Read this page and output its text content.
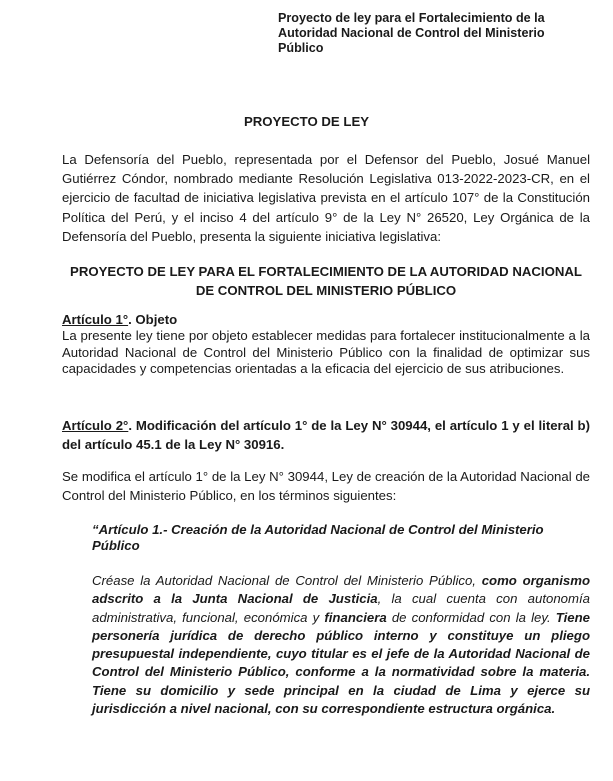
Proyecto de ley para el Fortalecimiento de la Autoridad Nacional de Control del Ministerio Público
PROYECTO DE LEY

La Defensoría del Pueblo, representada por el Defensor del Pueblo, Josué Manuel Gutiérrez Cóndor, nombrado mediante Resolución Legislativa 013-2022-2023-CR, en el ejercicio de facultad de iniciativa legislativa prevista en el artículo 107° de la Constitución Política del Perú, y el inciso 4 del artículo 9° de la Ley N° 26520, Ley Orgánica de la Defensoría del Pueblo, presenta la siguiente iniciativa legislativa:

PROYECTO DE LEY PARA EL FORTALECIMIENTO DE LA AUTORIDAD NACIONAL DE CONTROL DEL MINISTERIO PÚBLICO
Artículo 1°. Objeto
La presente ley tiene por objeto establecer medidas para fortalecer institucionalmente a la Autoridad Nacional de Control del Ministerio Público con la finalidad de optimizar sus capacidades y competencias orientadas a la eficacia del ejercicio de sus atribuciones.
Artículo 2°. Modificación del artículo 1° de la Ley N° 30944, el artículo 1 y el literal b) del artículo 45.1 de la Ley N° 30916.
Se modifica el artículo 1° de la Ley N° 30944, Ley de creación de la Autoridad Nacional de Control del Ministerio Público, en los términos siguientes:
“Artículo 1.- Creación de la Autoridad Nacional de Control del Ministerio Público
Créase la Autoridad Nacional de Control del Ministerio Público, como organismo adscrito a la Junta Nacional de Justicia, la cual cuenta con autonomía administrativa, funcional, económica y financiera de conformidad con la ley. Tiene personería jurídica de derecho público interno y constituye un pliego presupuestal independiente, cuyo titular es el jefe de la Autoridad Nacional de Control del Ministerio Público, conforme a la normatividad sobre la materia. Tiene su domicilio y sede principal en la ciudad de Lima y ejerce su jurisdicción a nivel nacional, con su correspondiente estructura orgánica.
